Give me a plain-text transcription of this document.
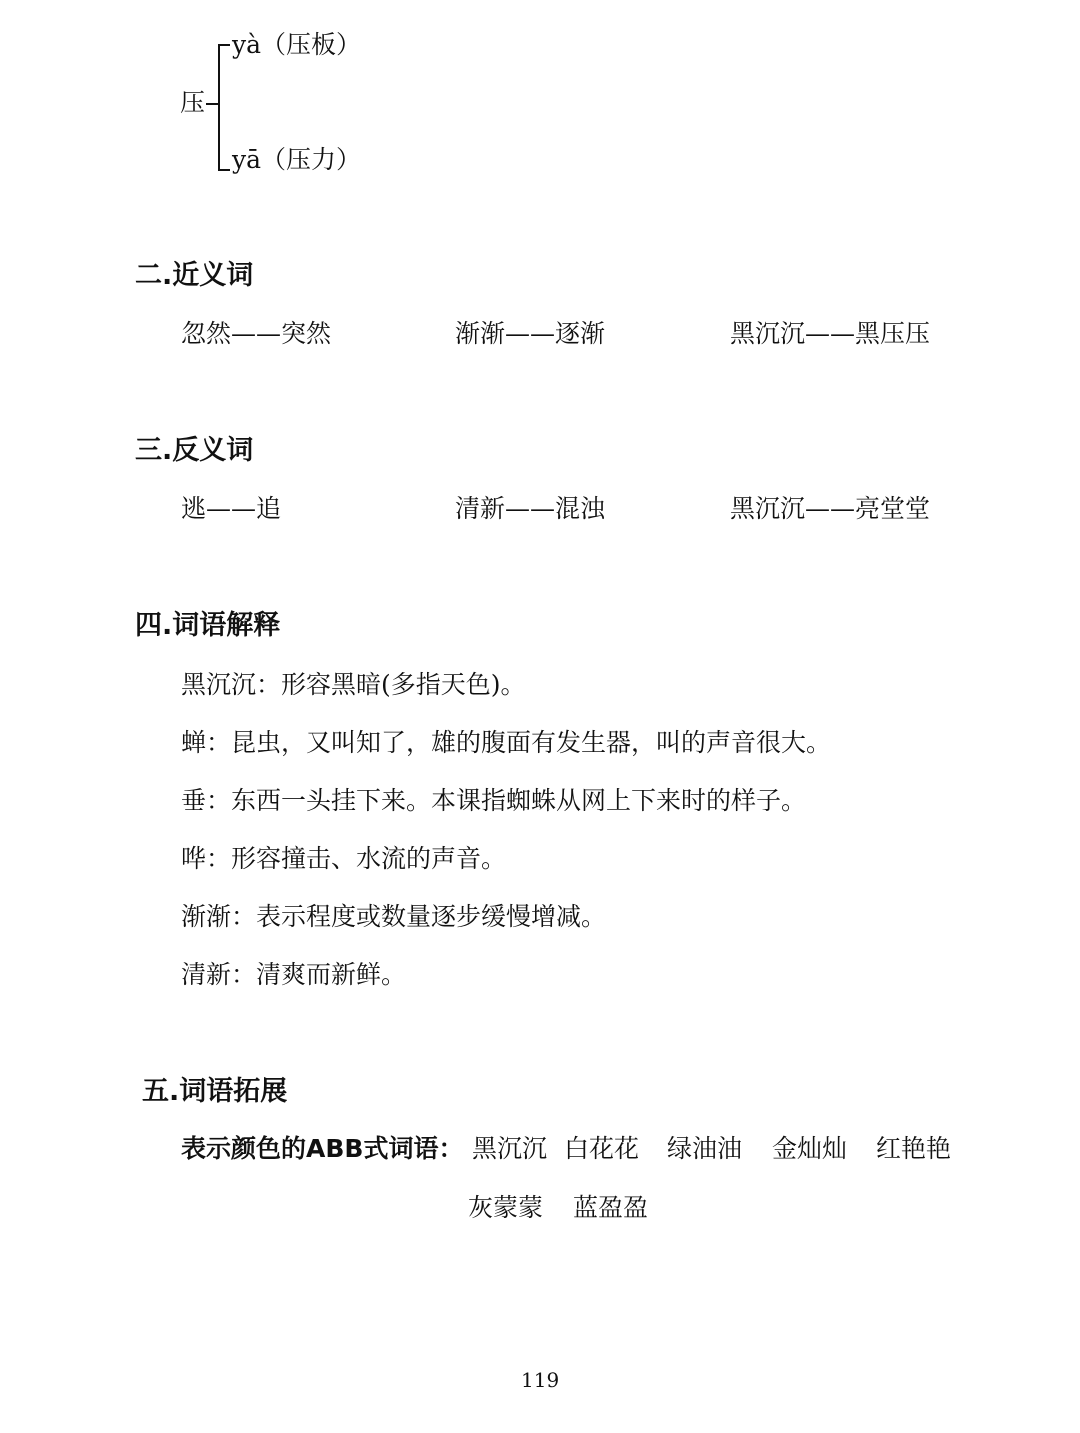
压
yà（压板）
yā（压力）
二.近义词
忽然——突然	渐渐——逐渐	黑沉沉——黑压压
三.反义词
逃——追	清新——混浊	黑沉沉——亮堂堂
四.词语解释
黑沉沉：形容黑暗(多指天色)。
蝉：昆虫，又叫知了，雄的腹面有发生器，叫的声音很大。
垂：东西一头挂下来。本课指蜘蛛从网上下来时的样子。
哗：形容撞击、水流的声音。
渐渐：表示程度或数量逐步缓慢增减。
清新：清爽而新鲜。
五.词语拓展
表示颜色的ABB式词语： 黑沉沉 白花花 绿油油 金灿灿 红艳艳
灰蒙蒙 蓝盈盈
119
